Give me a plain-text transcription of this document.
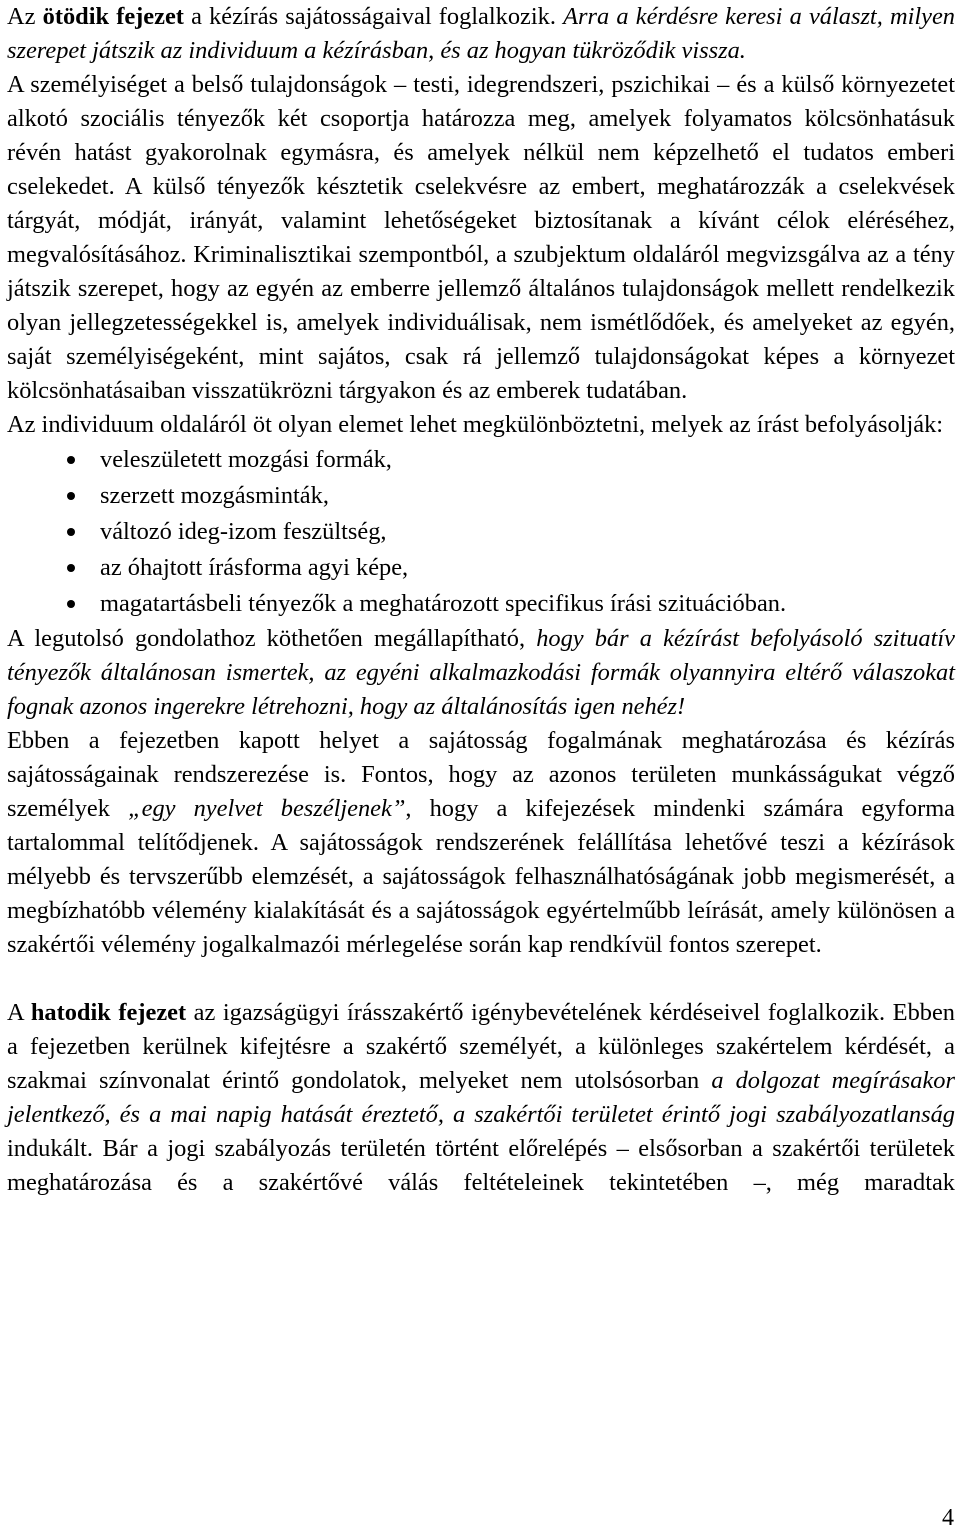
Az ötödik fejezet a kézírás sajátosságaival foglalkozik. Arra a kérdésre keresi a választ, milyen szerepet játszik az individuum a kézírásban, és az hogyan tükröződik vissza.

A személyiséget a belső tulajdonságok – testi, idegrendszeri, pszichikai – és a külső környezetet alkotó szociális tényezők két csoportja határozza meg, amelyek folyamatos kölcsönhatásuk révén hatást gyakorolnak egymásra, és amelyek nélkül nem képzelhető el tudatos emberi cselekedet. A külső tényezők késztetik cselekvésre az embert, meghatározzák a cselekvések tárgyát, módját, irányát, valamint lehetőségeket biztosítanak a kívánt célok eléréséhez, megvalósításához. Kriminalisztikai szempontból, a szubjektum oldaláról megvizsgálva az a tény játszik szerepet, hogy az egyén az emberre jellemző általános tulajdonságok mellett rendelkezik olyan jellegzetességekkel is, amelyek individuálisak, nem ismétlődőek, és amelyeket az egyén, saját személyiségeként, mint sajátos, csak rá jellemző tulajdonságokat képes a környezet kölcsönhatásaiban visszatükrözni tárgyakon és az emberek tudatában.

Az individuum oldaláról öt olyan elemet lehet megkülönböztetni, melyek az írást befolyásolják:

veleszületett mozgási formák,
szerzett mozgásminták,
változó ideg-izom feszültség,
az óhajtott írásforma agyi képe,
magatartásbeli tényezők a meghatározott specifikus írási szituációban.

A legutolsó gondolathoz köthetően megállapítható, hogy bár a kézírást befolyásoló szituatív tényezők általánosan ismertek, az egyéni alkalmazkodási formák olyannyira eltérő válaszokat fognak azonos ingerekre létrehozni, hogy az általánosítás igen nehéz!

Ebben a fejezetben kapott helyet a sajátosság fogalmának meghatározása és kézírás sajátosságainak rendszerezése is. Fontos, hogy az azonos területen munkásságukat végző személyek „egy nyelvet beszéljenek”, hogy a kifejezések mindenki számára egyforma tartalommal telítődjenek. A sajátosságok rendszerének felállítása lehetővé teszi a kézírások mélyebb és tervszerűbb elemzését, a sajátosságok felhasználhatóságának jobb megismerését, a megbízhatóbb vélemény kialakítását és a sajátosságok egyértelműbb leírását, amely különösen a szakértői vélemény jogalkalmazói mérlegelése során kap rendkívül fontos szerepet.

A hatodik fejezet az igazságügyi írásszakértő igénybevételének kérdéseivel foglalkozik. Ebben a fejezetben kerülnek kifejtésre a szakértő személyét, a különleges szakértelem kérdését, a szakmai színvonalat érintő gondolatok, melyeket nem utolsósorban a dolgozat megírásakor jelentkező, és a mai napig hatását éreztető, a szakértői területet érintő jogi szabályozatlanság indukált. Bár a jogi szabályozás területén történt előrelépés – elsősorban a szakértői területek meghatározása és a szakértővé válás feltételeinek tekintetében –, még maradtak

4
